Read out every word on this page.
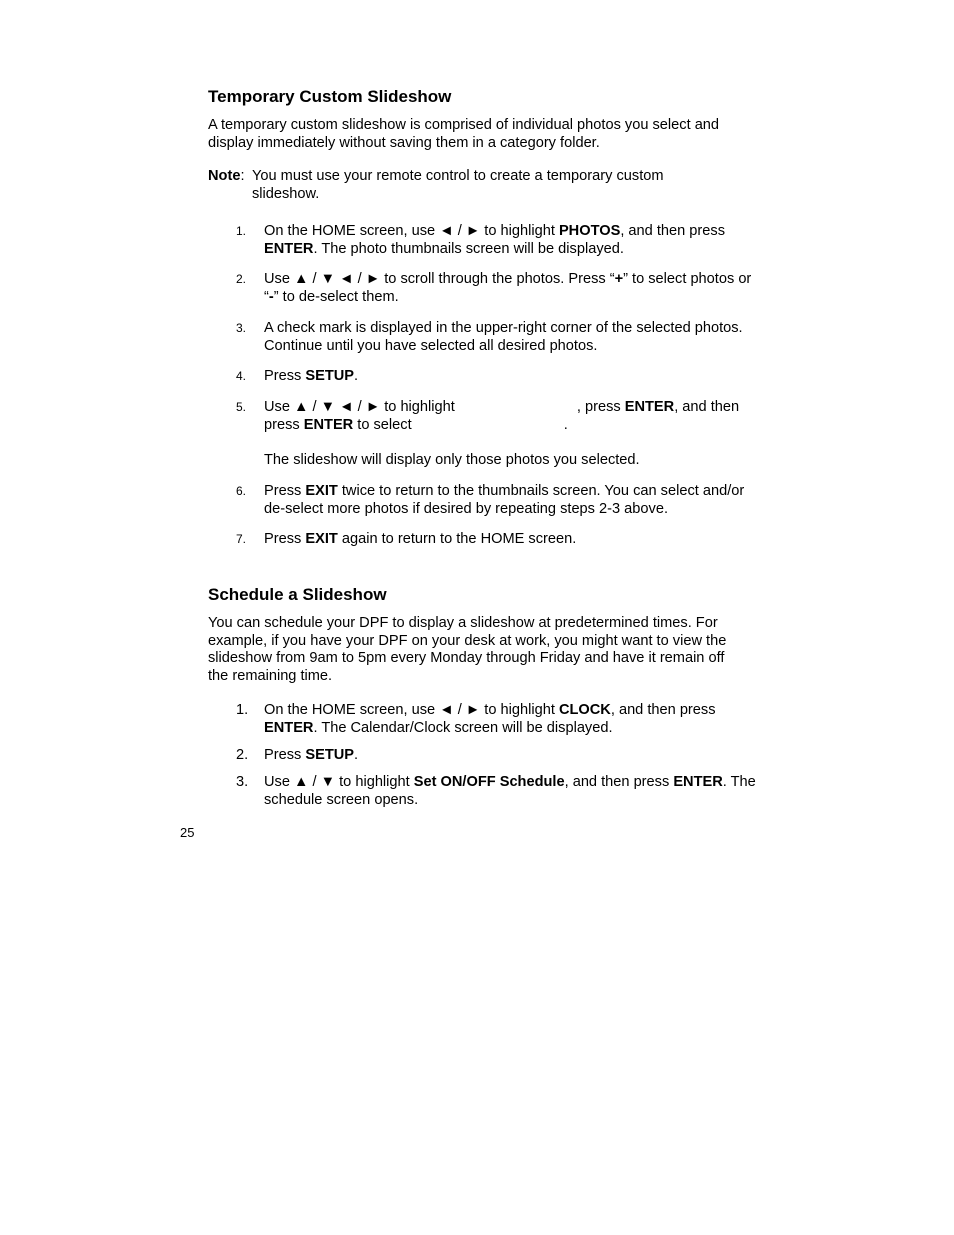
Temporary Custom Slideshow

A temporary custom slideshow is comprised of individual photos you select and display immediately without saving them in a category folder.

Note: You must use your remote control to create a temporary custom slideshow.
1. On the HOME screen, use ◄ / ► to highlight PHOTOS, and then press ENTER. The photo thumbnails screen will be displayed.
2. Use ▲ / ▼ ◄ / ► to scroll through the photos. Press “+” to select photos or “-” to de-select them.
3. A check mark is displayed in the upper-right corner of the selected photos. Continue until you have selected all desired photos.
4. Press SETUP.
5. Use ▲ / ▼ ◄ / ► to highlight	, press ENTER, and then press ENTER to select	.

The slideshow will display only those photos you selected.

6. Press EXIT twice to return to the thumbnails screen. You can select and/or de-select more photos if desired by repeating steps 2-3 above.
7. Press EXIT again to return to the HOME screen.
Schedule a Slideshow

You can schedule your DPF to display a slideshow at predetermined times. For example, if you have your DPF on your desk at work, you might want to view the slideshow from 9am to 5pm every Monday through Friday and have it remain off the remaining time.

1. On the HOME screen, use ◄ / ► to highlight CLOCK, and then press ENTER. The Calendar/Clock screen will be displayed.
2. Press SETUP.
3. Use ▲ / ▼ to highlight Set ON/OFF Schedule, and then press ENTER. The schedule screen opens.
25
